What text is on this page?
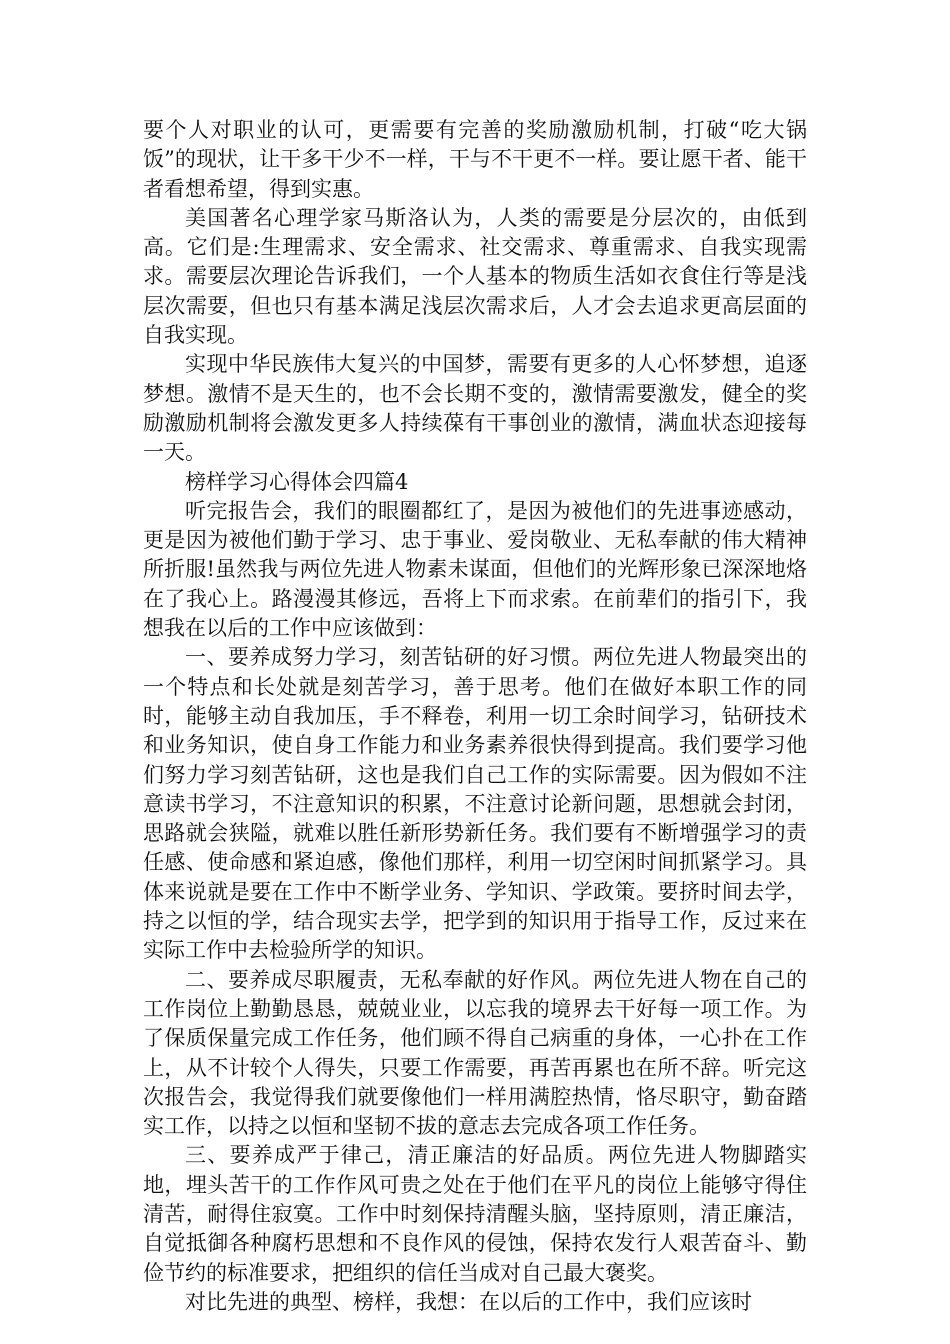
要个人对职业的认可，更需要有完善的奖励激励机制，打破“吃大锅饭”的现状，让干多干少不一样，干与不干更不一样。要让愿干者、能干者看想希望，得到实惠。

美国著名心理学家马斯洛认为，人类的需要是分层次的，由低到高。它们是:生理需求、安全需求、社交需求、尊重需求、自我实现需求。需要层次理论告诉我们，一个人基本的物质生活如衣食住行等是浅层次需要，但也只有基本满足浅层次需求后，人才会去追求更高层面的自我实现。

实现中华民族伟大复兴的中国梦，需要有更多的人心怀梦想，追逐梦想。激情不是天生的，也不会长期不变的，激情需要激发，健全的奖励激励机制将会激发更多人持续葆有干事创业的激情，满血状态迎接每一天。

榜样学习心得体会四篇4

听完报告会，我们的眼圈都红了，是因为被他们的先进事迹感动，更是因为被他们勤于学习、忠于事业、爱岗敬业、无私奉献的伟大精神所折服!虽然我与两位先进人物素未谋面，但他们的光辉形象已深深地烙在了我心上。路漫漫其修远，吾将上下而求索。在前辈们的指引下，我想我在以后的工作中应该做到：

一、要养成努力学习，刻苦钻研的好习惯。两位先进人物最突出的一个特点和长处就是刻苦学习，善于思考。他们在做好本职工作的同时，能够主动自我加压，手不释卷，利用一切工余时间学习，钻研技术和业务知识，使自身工作能力和业务素养很快得到提高。我们要学习他们努力学习刻苦钻研，这也是我们自己工作的实际需要。因为假如不注意读书学习，不注意知识的积累，不注意讨论新问题，思想就会封闭，思路就会狭隘，就难以胜任新形势新任务。我们要有不断增强学习的责任感、使命感和紧迫感，像他们那样，利用一切空闲时间抓紧学习。具体来说就是要在工作中不断学业务、学知识、学政策。要挤时间去学，持之以恒的学，结合现实去学，把学到的知识用于指导工作，反过来在实际工作中去检验所学的知识。

二、要养成尽职履责，无私奉献的好作风。两位先进人物在自己的工作岗位上勤勤恳恳，兢兢业业，以忘我的境界去干好每一项工作。为了保质保量完成工作任务，他们顾不得自己病重的身体，一心扑在工作上，从不计较个人得失，只要工作需要，再苦再累也在所不辞。听完这次报告会，我觉得我们就要像他们一样用满腔热情，恪尽职守，勤奋踏实工作，以持之以恒和坚韧不拔的意志去完成各项工作任务。

三、要养成严于律己，清正廉洁的好品质。两位先进人物脚踏实地，埋头苦干的工作作风可贵之处在于他们在平凡的岗位上能够守得住清苦，耐得住寂寞。工作中时刻保持清醒头脑，坚持原则，清正廉洁，自觉抵御各种腐朽思想和不良作风的侵蚀，保持农发行人艰苦奋斗、勤俭节约的标准要求，把组织的信任当成对自己最大褒奖。

对比先进的典型、榜样，我想：在以后的工作中，我们应该时
